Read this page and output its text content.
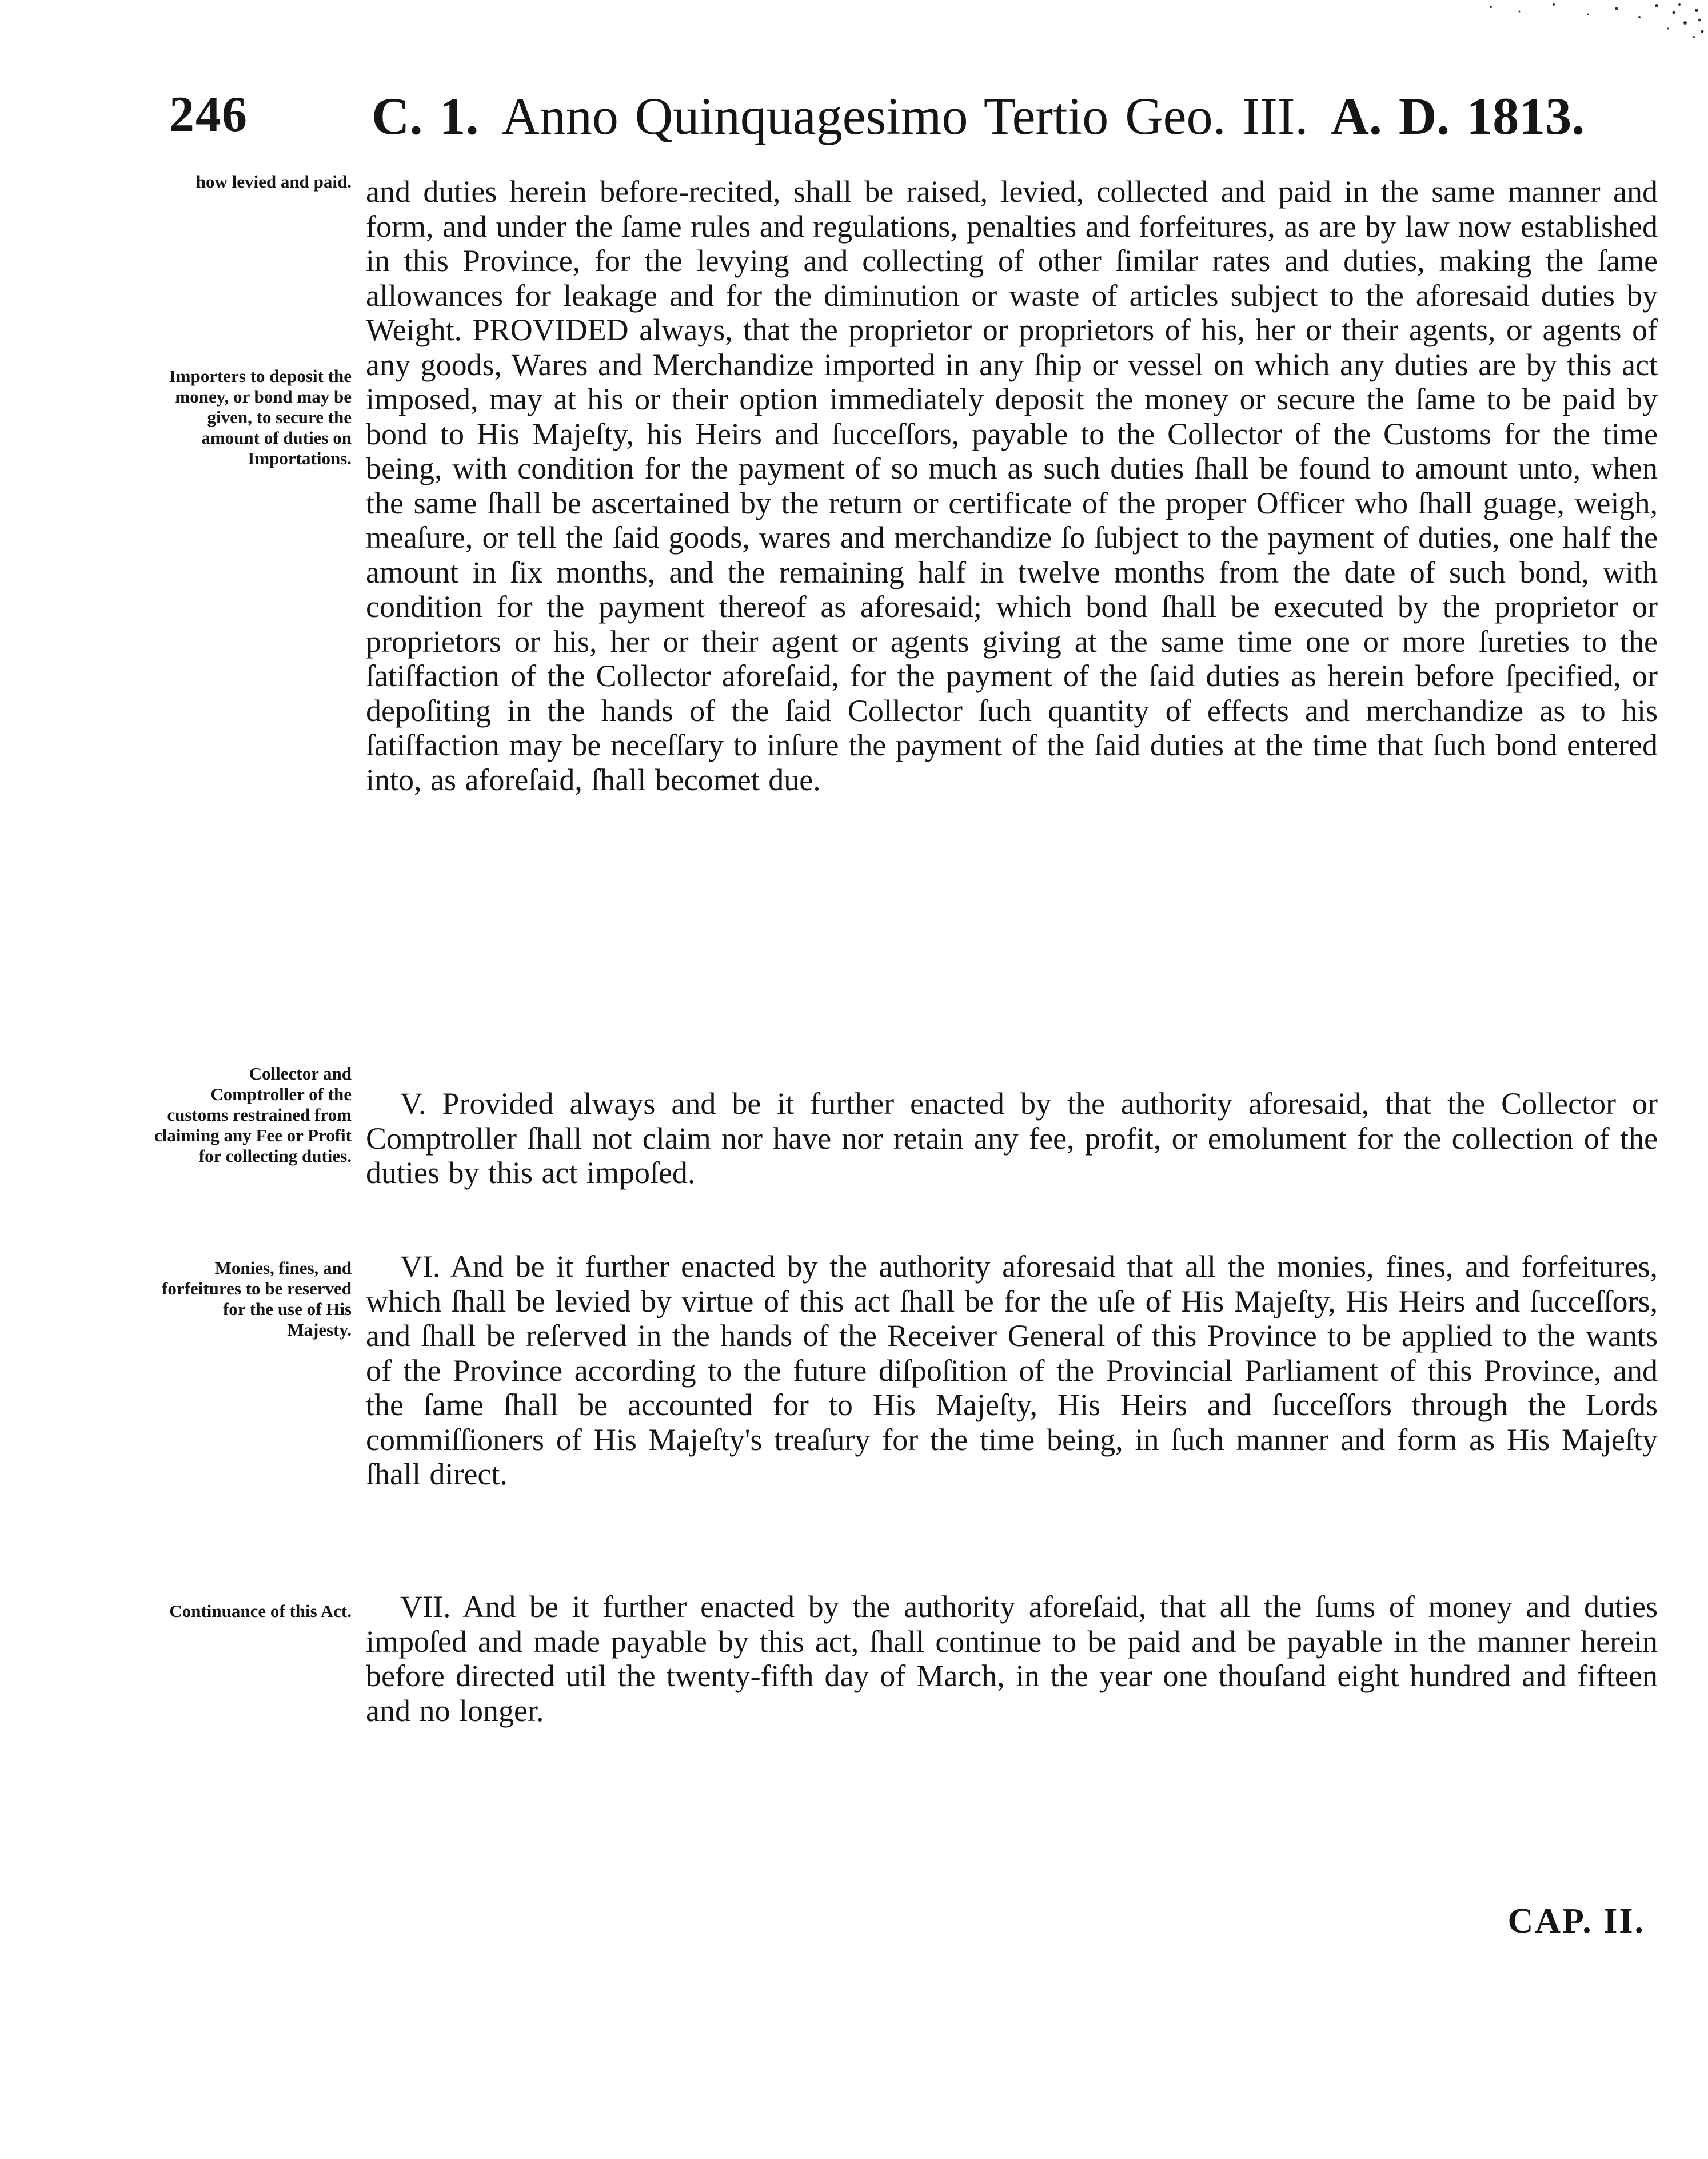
246 C. 1. Anno Quinquagesimo Tertio Geo. III. A. D. 1813.
how levied and paid.
Importers to deposit the money, or bond may be given, to secure the amount of duties on Importations.
Collector and Comptroller of the customs restrained from claiming any Fee or Profit for collecting duties.
Monies, fines, and forfeitures to be reserved for the use of His Majesty.
Continuance of this Act.
and duties herein before-recited, shall be raised, levied, collected and paid in the same manner and form, and under the ſame rules and regulations, penalties and forfeitures, as are by law now established in this Province, for the levying and collecting of other ſimilar rates and duties, making the ſame allowances for leakage and for the diminution or waste of articles subject to the aforesaid duties by Weight. PROVIDED always, that the proprietor or proprietors of his, her or their agents, or agents of any goods, Wares and Merchandize imported in any ſhip or vessel on which any duties are by this act imposed, may at his or their option immediately deposit the money or secure the ſame to be paid by bond to His Majeſty, his Heirs and ſucceſſors, payable to the Collector of the Customs for the time being, with condition for the payment of so much as such duties ſhall be found to amount unto, when the same ſhall be ascertained by the return or certificate of the proper Officer who ſhall guage, weigh, meaſure, or tell the ſaid goods, wares and merchandize ſo ſubject to the payment of duties, one half the amount in ſix months, and the remaining half in twelve months from the date of such bond, with condition for the payment thereof as aforesaid; which bond ſhall be executed by the proprietor or proprietors or his, her or their agent or agents giving at the same time one or more ſureties to the ſatiſfaction of the Collector aforeſaid, for the payment of the ſaid duties as herein before ſpecified, or depoſiting in the hands of the ſaid Collector ſuch quantity of effects and merchandize as to his ſatiſfaction may be neceſſary to inſure the payment of the ſaid duties at the time that ſuch bond entered into, as aforeſaid, ſhall becomet due.
V. Provided always and be it further enacted by the authority aforesaid, that the Collector or Comptroller ſhall not claim nor have nor retain any fee, profit, or emolument for the collection of the duties by this act impoſed.
VI. And be it further enacted by the authority aforesaid that all the monies, fines, and forfeitures, which ſhall be levied by virtue of this act ſhall be for the uſe of His Majeſty, His Heirs and ſucceſſors, and ſhall be reſerved in the hands of the Receiver General of this Province to be applied to the wants of the Province according to the future diſpoſition of the Provincial Parliament of this Province, and the ſame ſhall be accounted for to His Majeſty, His Heirs and ſucceſſors through the Lords commiſſioners of His Majeſty's treaſury for the time being, in ſuch manner and form as His Majeſty ſhall direct.
VII. And be it further enacted by the authority aforeſaid, that all the ſums of money and duties impoſed and made payable by this act, ſhall continue to be paid and be payable in the manner herein before directed util the twenty-fifth day of March, in the year one thouſand eight hundred and fifteen and no longer.
CAP. II.
